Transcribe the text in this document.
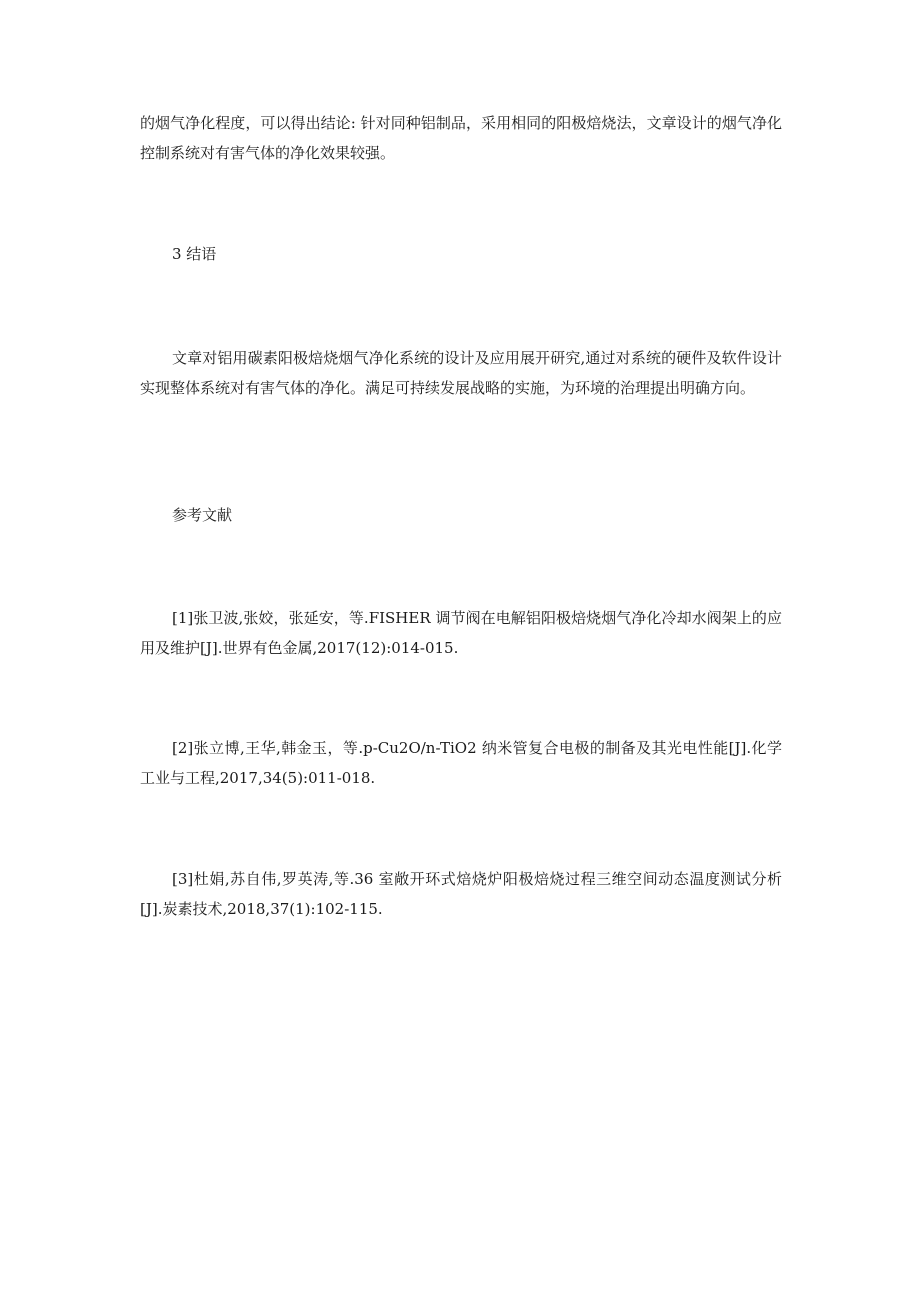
的烟气净化程度，可以得出结论: 针对同种铝制品，采用相同的阳极焙烧法，文章设计的烟气净化控制系统对有害气体的净化效果较强。

3 结语

文章对铝用碳素阳极焙烧烟气净化系统的设计及应用展开研究,通过对系统的硬件及软件设计实现整体系统对有害气体的净化。满足可持续发展战略的实施，为环境的治理提出明确方向。

参考文献

[1]张卫波,张姣，张延安，等.FISHER 调节阀在电解铝阳极焙烧烟气净化冷却水阀架上的应用及维护[J].世界有色金属,2017(12):014-015.

[2]张立博,王华,韩金玉，等.p-Cu2O/n-TiO2 纳米管复合电极的制备及其光电性能[J].化学工业与工程,2017,34(5):011-018.

[3]杜娟,苏自伟,罗英涛,等.36 室敞开环式焙烧炉阳极焙烧过程三维空间动态温度测试分析[J].炭素技术,2018,37(1):102-115.
